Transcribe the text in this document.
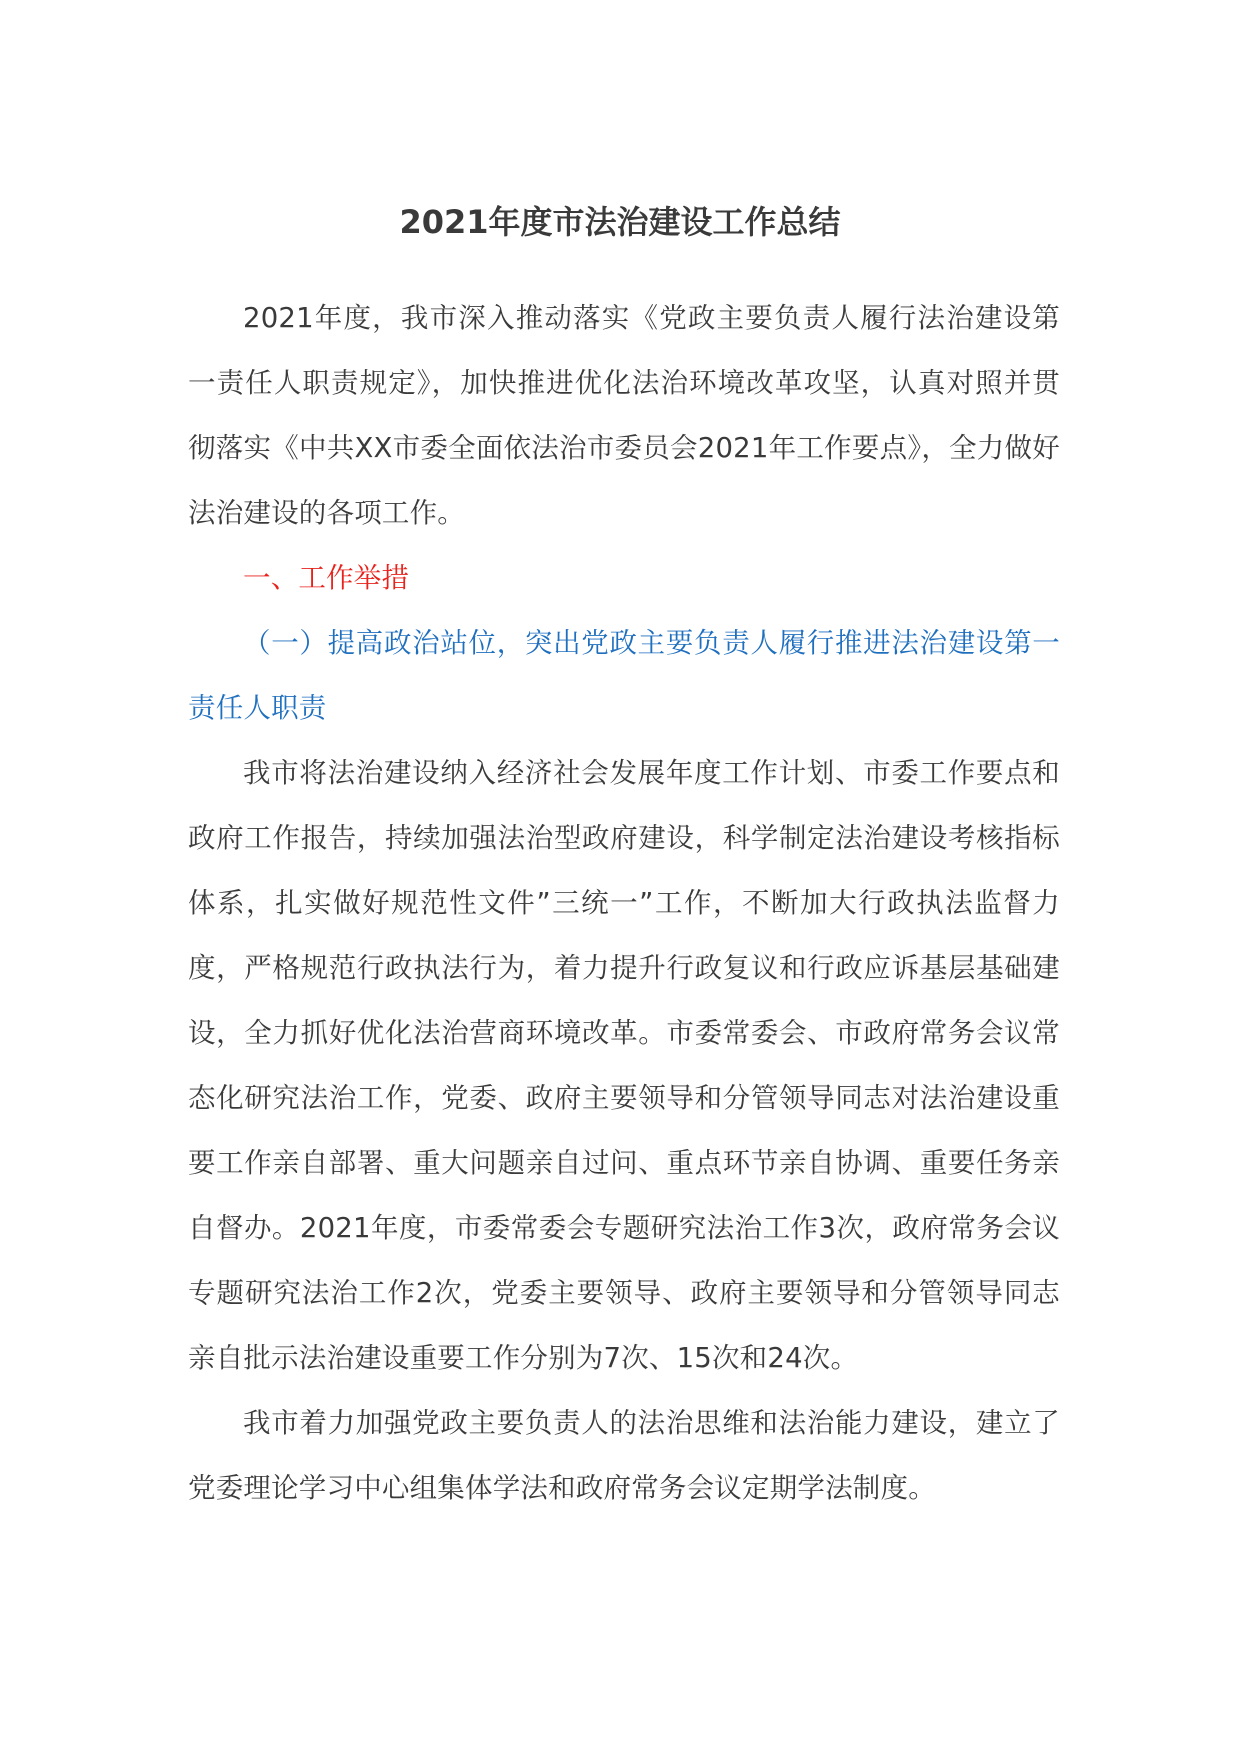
2021年度市法治建设工作总结

2021年度，我市深入推动落实《党政主要负责人履行法治建设第一责任人职责规定》，加快推进优化法治环境改革攻坚，认真对照并贯彻落实《中共XX市委全面依法治市委员会2021年工作要点》，全力做好法治建设的各项工作。

一、工作举措

（一）提高政治站位，突出党政主要负责人履行推进法治建设第一责任人职责

我市将法治建设纳入经济社会发展年度工作计划、市委工作要点和政府工作报告，持续加强法治型政府建设，科学制定法治建设考核指标体系，扎实做好规范性文件”三统一”工作，不断加大行政执法监督力度，严格规范行政执法行为，着力提升行政复议和行政应诉基层基础建设，全力抓好优化法治营商环境改革。市委常委会、市政府常务会议常态化研究法治工作，党委、政府主要领导和分管领导同志对法治建设重要工作亲自部署、重大问题亲自过问、重点环节亲自协调、重要任务亲自督办。2021年度，市委常委会专题研究法治工作3次，政府常务会议专题研究法治工作2次，党委主要领导、政府主要领导和分管领导同志亲自批示法治建设重要工作分别为7次、15次和24次。

我市着力加强党政主要负责人的法治思维和法治能力建设，建立了党委理论学习中心组集体学法和政府常务会议定期学法制度。
